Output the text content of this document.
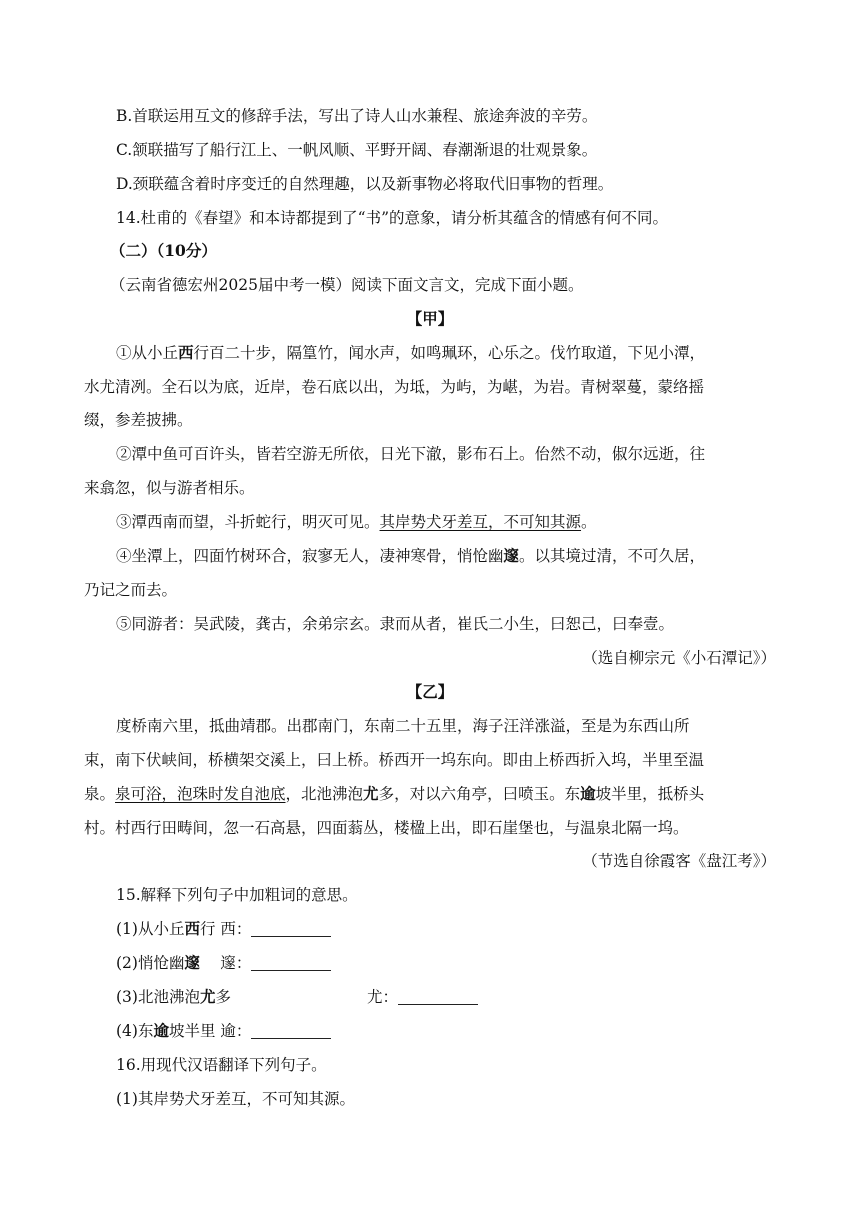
B.首联运用互文的修辞手法，写出了诗人山水兼程、旅途奔波的辛劳。
C.颔联描写了船行江上、一帆风顺、平野开阔、春潮渐退的壮观景象。
D.颈联蕴含着时序变迁的自然理趣，以及新事物必将取代旧事物的哲理。
14.杜甫的《春望》和本诗都提到了“书”的意象，请分析其蕴含的情感有何不同。
（二）（10分）
（云南省德宏州2025届中考一模）阅读下面文言文，完成下面小题。
【甲】
①从小丘西行百二十步，隔篁竹，闻水声，如鸣珮环，心乐之。伐竹取道，下见小潭，
水尤清冽。全石以为底，近岸，卷石底以出，为坻，为屿，为嵁，为岩。青树翠蔓，蒙络摇
缀，参差披拂。
②潭中鱼可百许头，皆若空游无所依，日光下澈，影布石上。佁然不动，俶尔远逝，往
来翕忽，似与游者相乐。
③潭西南而望，斗折蛇行，明灭可见。其岸势犬牙差互，不可知其源。
④坐潭上，四面竹树环合，寂寥无人，凄神寒骨，悄怆幽邃。以其境过清，不可久居，
乃记之而去。
⑤同游者：吴武陵，龚古，余弟宗玄。隶而从者，崔氏二小生，曰恕己，曰奉壹。
（选自柳宗元《小石潭记》）
【乙】
度桥南六里，抵曲靖郡。出郡南门，东南二十五里，海子汪洋涨溢，至是为东西山所
束，南下伏峡间，桥横架交溪上，曰上桥。桥西开一坞东向。即由上桥西折入坞，半里至温
泉。泉可浴，泡珠时发自池底，北池沸泡尤多，对以六角亭，曰喷玉。东逾坡半里，抵桥头
村。村西行田畴间，忽一石高悬，四面蓊丛，楼楹上出，即石崖堡也，与温泉北隔一坞。
（节选自徐霞客《盘江考》）
15.解释下列句子中加粗词的意思。
(1)从小丘西行 西：
(2)悄怆幽邃　 邃：
(3)北池沸泡尤多	尤：
(4)东逾坡半里 逾：
16.用现代汉语翻译下列句子。
(1)其岸势犬牙差互，不可知其源。
